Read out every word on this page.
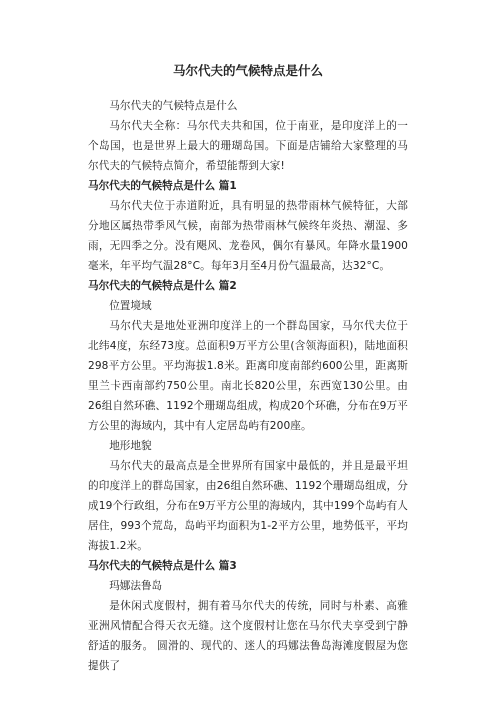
马尔代夫的气候特点是什么

马尔代夫的气候特点是什么

马尔代夫全称：马尔代夫共和国，位于南亚，是印度洋上的一个岛国，也是世界上最大的珊瑚岛国。下面是店铺给大家整理的马尔代夫的气候特点简介，希望能帮到大家!

马尔代夫的气候特点是什么 篇1

马尔代夫位于赤道附近，具有明显的热带雨林气候特征，大部分地区属热带季风气候，南部为热带雨林气候终年炎热、潮湿、多雨，无四季之分。没有飓风、龙卷风，偶尔有暴风。年降水量1900毫米，年平均气温28°C。每年3月至4月份气温最高，达32°C。

马尔代夫的气候特点是什么 篇2

位置境域

马尔代夫是地处亚洲印度洋上的一个群岛国家，马尔代夫位于北纬4度，东经73度。总面积9万平方公里(含领海面积)，陆地面积298平方公里。平均海拔1.8米。距离印度南部约600公里，距离斯里兰卡西南部约750公里。南北长820公里，东西宽130公里。由26组自然环礁、1192个珊瑚岛组成，构成20个环礁，分布在9万平方公里的海域内，其中有人定居岛屿有200座。

地形地貌

马尔代夫的最高点是全世界所有国家中最低的，并且是最平坦的印度洋上的群岛国家，由26组自然环礁、1192个珊瑚岛组成，分成19个行政组，分布在9万平方公里的海域内，其中199个岛屿有人居住，993个荒岛，岛屿平均面积为1-2平方公里，地势低平，平均海拔1.2米。

马尔代夫的气候特点是什么 篇3

玛娜法鲁岛

是休闲式度假村，拥有着马尔代夫的传统，同时与朴素、高雅亚洲风情配合得天衣无缝。这个度假村让您在马尔代夫享受到宁静舒适的服务。 圆滑的、现代的、迷人的玛娜法鲁岛海滩度假屋为您提供了
